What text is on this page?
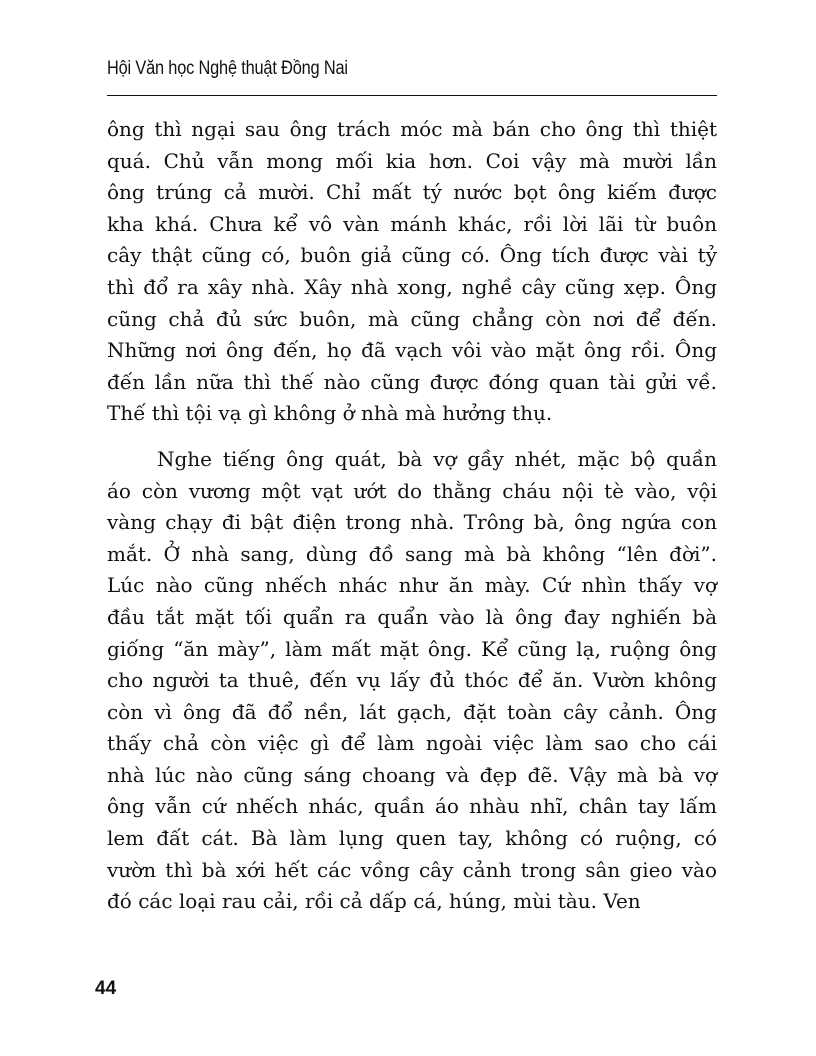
Hội Văn học Nghệ thuật Đồng Nai

ông thì ngại sau ông trách móc mà bán cho ông thì thiệt

quá. Chủ vẫn mong mối kia hơn. Coi vậy mà mười lần

ông trúng cả mười. Chỉ mất tý nước bọt ông kiếm được

kha khá. Chưa kể vô vàn mánh khác, rồi lời lãi từ buôn

cây thật cũng có, buôn giả cũng có. Ông tích được vài tỷ

thì đổ ra xây nhà. Xây nhà xong, nghề cây cũng xẹp. Ông

cũng chả đủ sức buôn, mà cũng chẳng còn nơi để đến.

Những nơi ông đến, họ đã vạch vôi vào mặt ông rồi. Ông

đến lần nữa thì thế nào cũng được đóng quan tài gửi về.

Thế thì tội vạ gì không ở nhà mà hưởng thụ.

Nghe tiếng ông quát, bà vợ gầy nhét, mặc bộ quần

áo còn vương một vạt ướt do thằng cháu nội tè vào, vội

vàng chạy đi bật điện trong nhà. Trông bà, ông ngứa con

mắt. Ở nhà sang, dùng đồ sang mà bà không “lên đời”.

Lúc nào cũng nhếch nhác như ăn mày. Cứ nhìn thấy vợ

đầu tắt mặt tối quẩn ra quẩn vào là ông đay nghiến bà

giống “ăn mày”, làm mất mặt ông. Kể cũng lạ, ruộng ông

cho người ta thuê, đến vụ lấy đủ thóc để ăn. Vườn không

còn vì ông đã đổ nền, lát gạch, đặt toàn cây cảnh. Ông

thấy chả còn việc gì để làm ngoài việc làm sao cho cái

nhà lúc nào cũng sáng choang và đẹp đẽ. Vậy mà bà vợ

ông vẫn cứ nhếch nhác, quần áo nhàu nhĩ, chân tay lấm

lem đất cát. Bà làm lụng quen tay, không có ruộng, có

vườn thì bà xới hết các vồng cây cảnh trong sân gieo vào

đó các loại rau cải, rồi cả dấp cá, húng, mùi tàu. Ven

44
